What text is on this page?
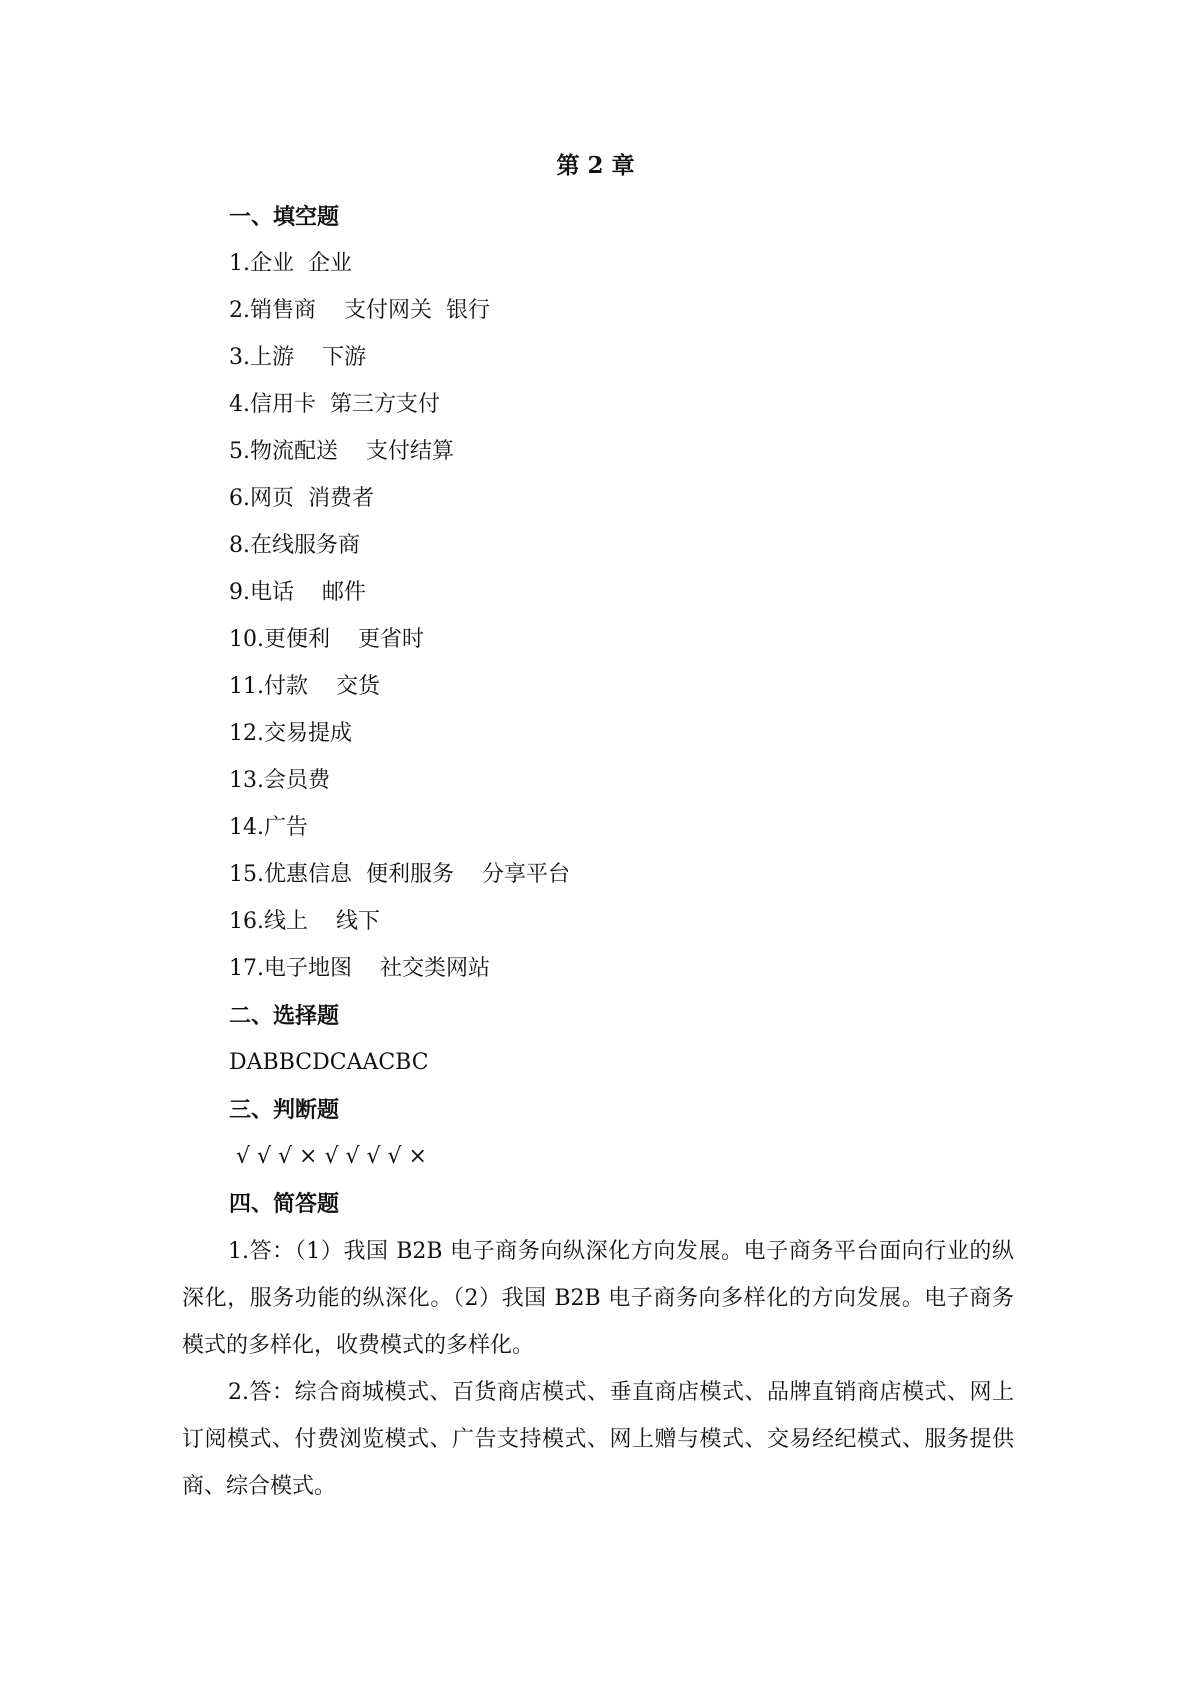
第 2 章
一、填空题
1.企业  企业
2.销售商    支付网关  银行
3.上游    下游
4.信用卡  第三方支付
5.物流配送    支付结算
6.网页  消费者
8.在线服务商
9.电话    邮件
10.更便利    更省时
11.付款    交货
12.交易提成
13.会员费
14.广告
15.优惠信息  便利服务    分享平台
16.线上    线下
17.电子地图    社交类网站
二、选择题
DABBCDCAACBC
三、判断题
√ √ √ × √ √ √ √ ×
四、简答题
1.答：（1）我国 B2B 电子商务向纵深化方向发展。电子商务平台面向行业的纵深化，服务功能的纵深化。（2）我国 B2B 电子商务向多样化的方向发展。电子商务模式的多样化，收费模式的多样化。
2.答：综合商城模式、百货商店模式、垂直商店模式、品牌直销商店模式、网上订阅模式、付费浏览模式、广告支持模式、网上赠与模式、交易经纪模式、服务提供商、综合模式。
